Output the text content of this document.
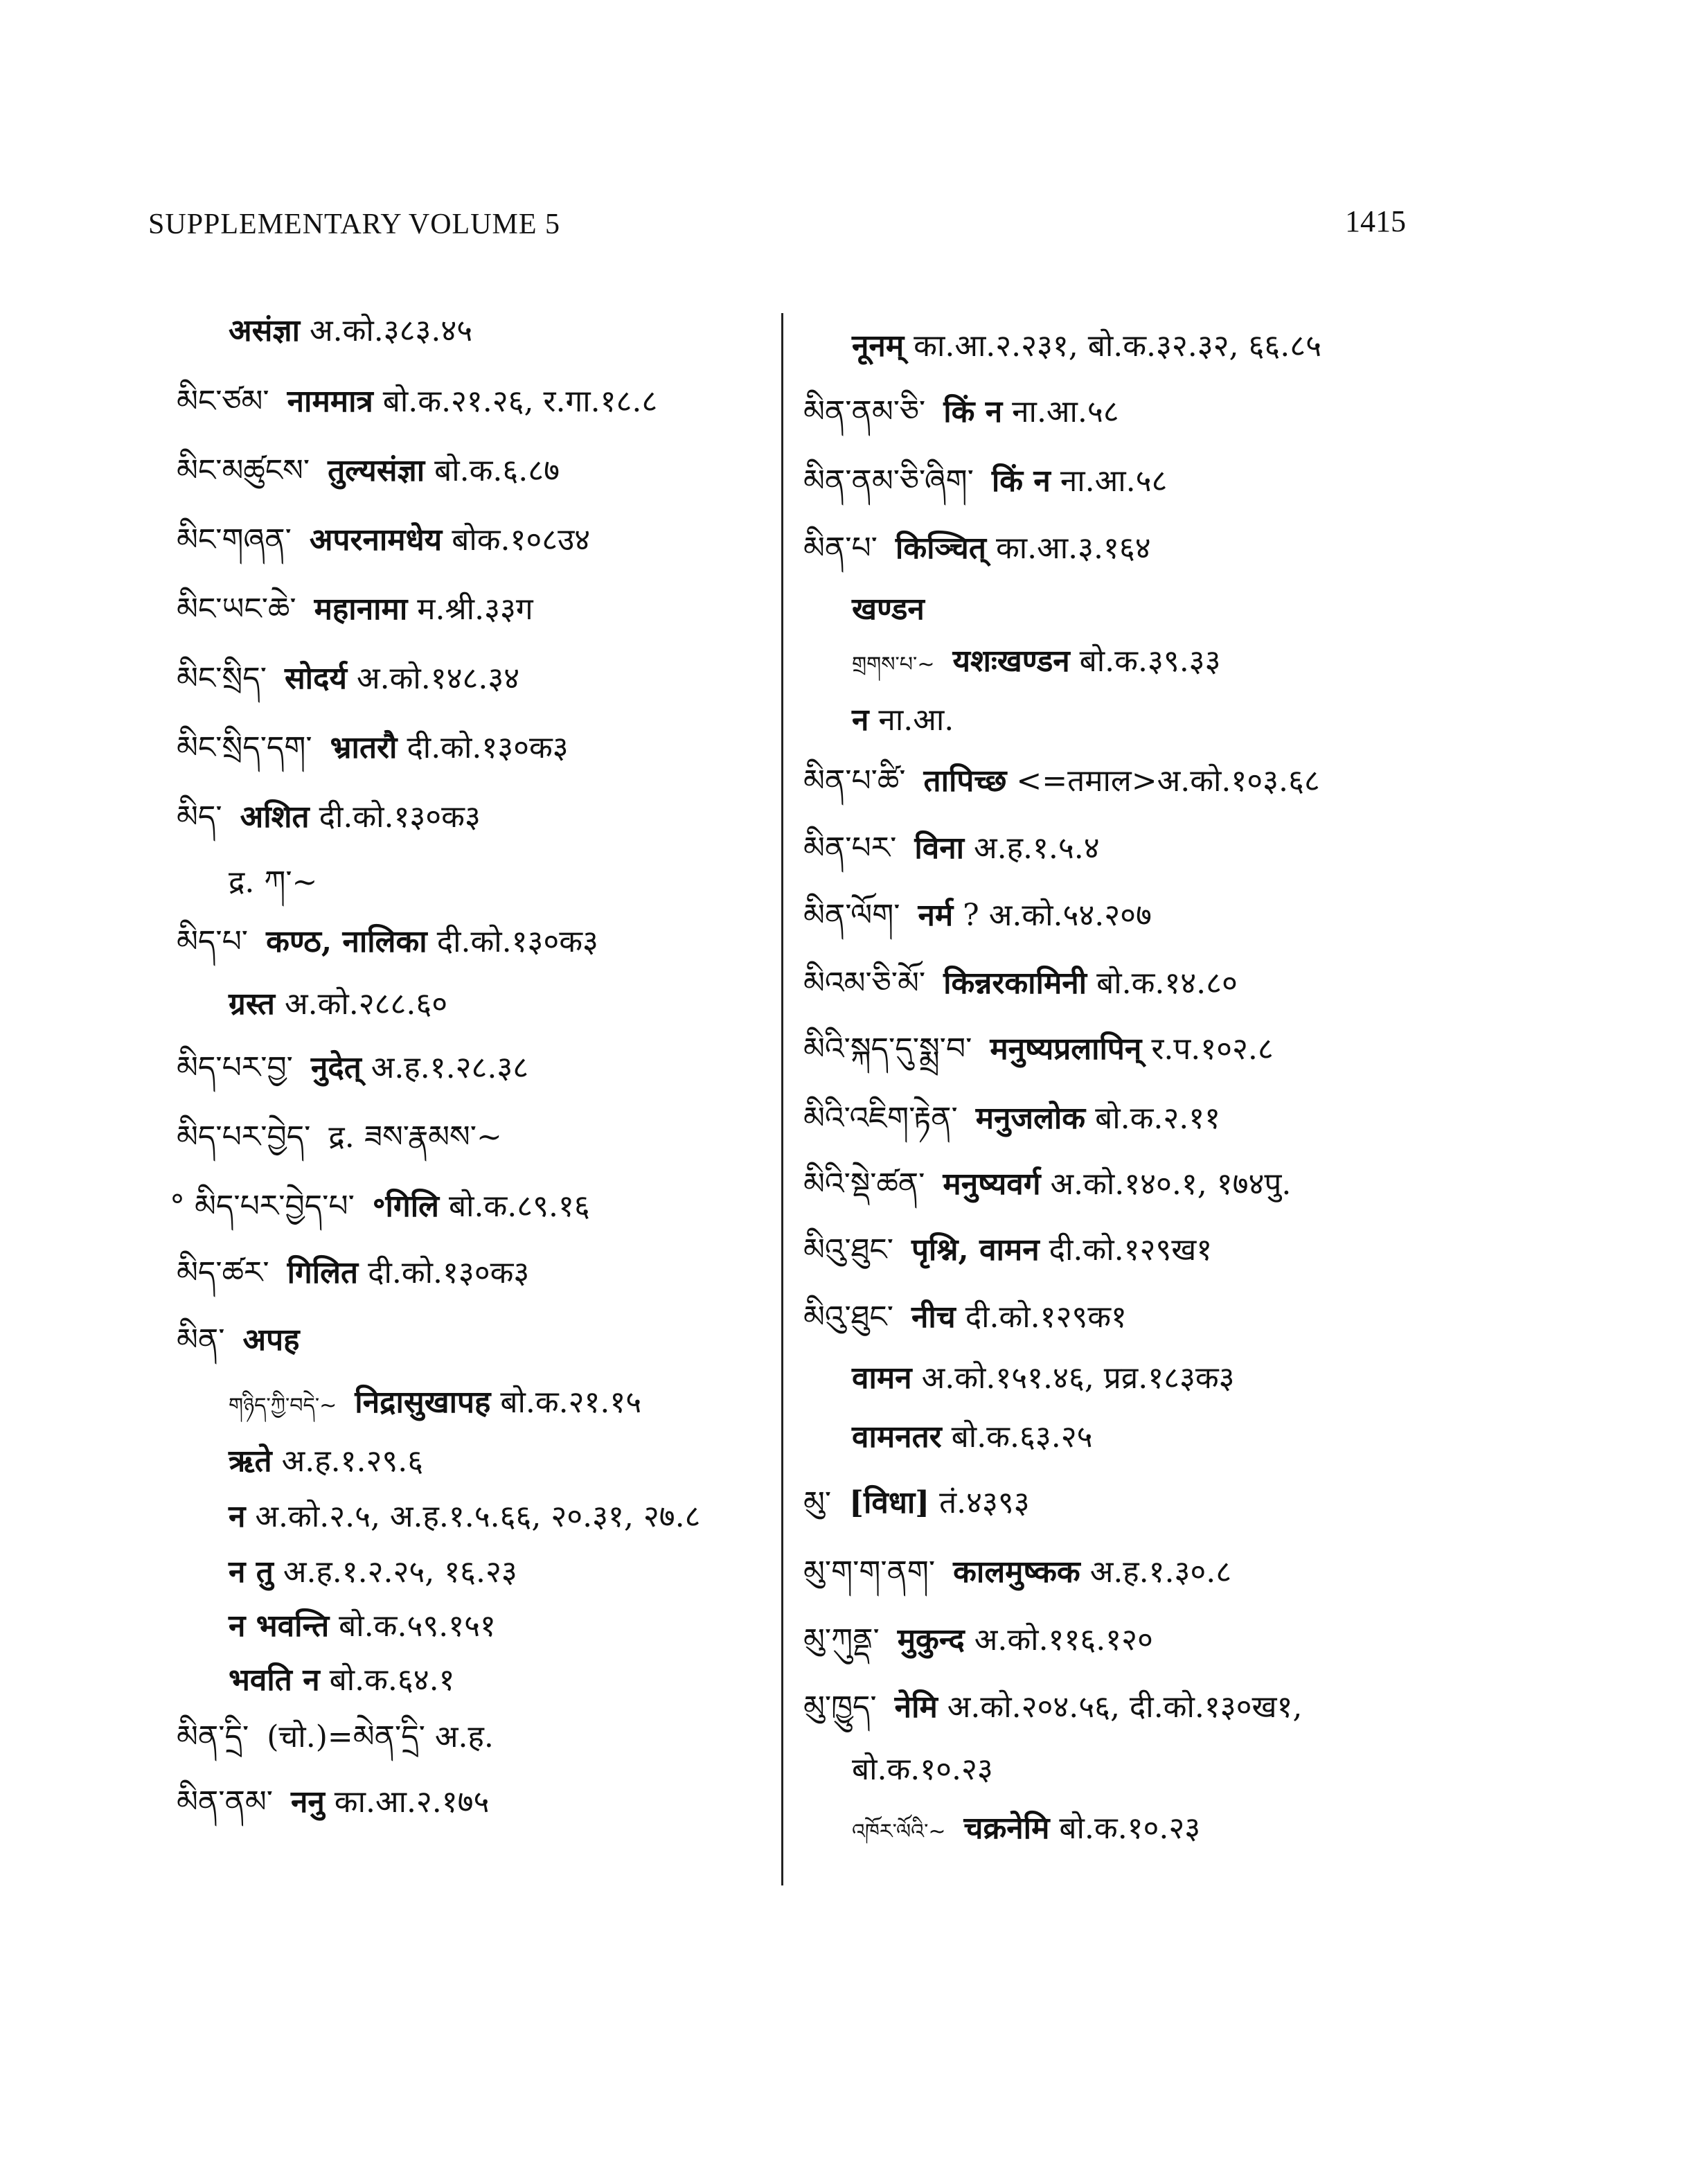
SUPPLEMENTARY VOLUME 5	1415
असंज्ञा अ.को.३८३.४५
མིང་ཙམ་ नाममात्र बो.क.२१.२६, र.गा.१८.८
མིང་མཚུངས་ तुल्यसंज्ञा बो.क.६.८७
མིང་གཞན་ अपरनामधेय बोक.१०८उ४
མིང་ཡང་ཆེ་ महानामा म.श्री.३३ग
མིང་སྲིད་ सोदर्य अ.को.१४८.३४
མིང་སྲིད་དག་ भ्रातरौ दी.को.१३०क३
མིད་ अशित दी.को.१३०क३
द्र. ཀ་~
མིད་པ་ कण्ठ, नालिका दी.को.१३०क३
ग्रस्त अ.को.२८८.६०
མིད་པར་བྱ་ नुदेत् अ.ह.१.२८.३८
མིད་པར་བྱེད་ द्र. ཟས་རྣམས་~
° མིད་པར་བྱེད་པ་ ॰गिलि बो.क.८९.१६
མིད་ཚར་ गिलित दी.को.१३०क३
མིན་ अपह
གཉིད་ཀྱི་བདེ་~ निद्रासुखापह बो.क.२१.१५
ऋते अ.ह.१.२९.६
न अ.को.२.५, अ.ह.१.५.६६, २०.३१, २७.८
न तु अ.ह.१.२.२५, १६.२३
न भवन्ति बो.क.५९.१५१
भवति न बो.क.६४.१
མིན་དྲི་ (चो.)=མེན་དྲི་ अ.ह.
མིན་ནམ་ ननु का.आ.२.१७५
नूनम् का.आ.२.२३१, बो.क.३२.३२, ६६.८५
མིན་ནམ་ཅི་ किं न ना.आ.५८
མིན་ནམ་ཅི་ཞིག་ किं न ना.आ.५८
མིན་པ་ किञ्चित् का.आ.३.१६४
खण्डन
གྲགས་པ་~ यशःखण्डन बो.क.३९.३३
न ना.आ.
མིན་པ་ཚི་ तापिच्छ <=तमाल>अ.को.१०३.६८
མིན་པར་ विना अ.ह.१.५.४
མིན་ལོག་ नर्म ? अ.को.५४.२०७
མིའམ་ཅི་མོ་ किन्नरकामिनी बो.क.१४.८०
མིའི་སྐད་དུ་སྨྲ་བ་ मनुष्यप्रलापिन् र.प.१०२.८
མིའི་འཇིག་རྟེན་ मनुजलोक बो.क.२.११
མིའི་སྡེ་ཚན་ मनुष्यवर्ग अ.को.१४०.१, १७४पु.
མིའུ་ཐུང་ पृश्नि, वामन दी.को.१२९ख१
མིའུ་ཐུང་ नीच दी.को.१२९क१
वामन अ.को.१५१.४६, प्रव्र.१८३क३
वामनतर बो.क.६३.२५
མུ་ [विधा] तं.४३९३
མུ་ག་ག་ནག་ कालमुष्कक अ.ह.१.३०.८
མུ་ཀུནྡ་ मुकुन्द अ.को.११६.१२०
མུ་ཁྱུད་ नेमि अ.को.२०४.५६, दी.को.१३०ख१,
बो.क.१०.२३
འཁོར་ལོའི་~ चक्रनेमि बो.क.१०.२३
